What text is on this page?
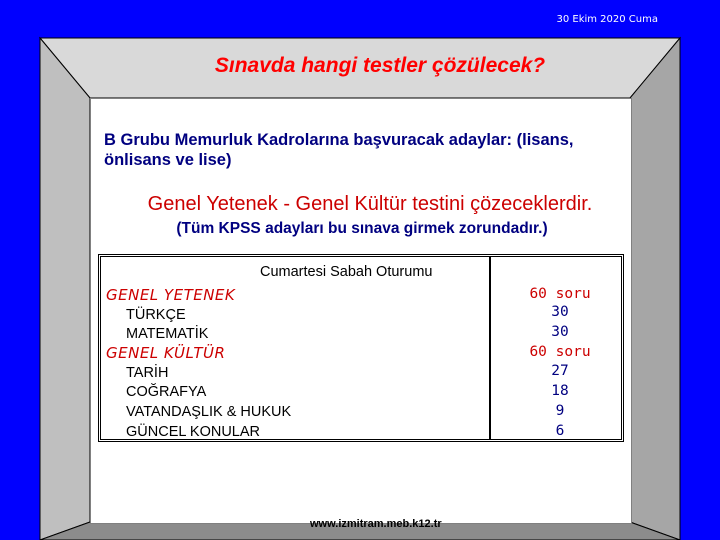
30 Ekim 2020 Cuma
Sınavda hangi testler çözülecek?
B Grubu Memurluk Kadrolarına başvuracak adaylar: (lisans, önlisans ve lise)
Genel Yetenek - Genel Kültür testini çözeceklerdir.
(Tüm KPSS adayları bu sınava girmek zorundadır.)
Cumartesi Sabah Oturumu
GENEL YETENEK	60 soru
TÜRKÇE	30
MATEMATİK	30
GENEL KÜLTÜR	60 soru
TARİH	27
COĞRAFYA	18
VATANDAŞLIK & HUKUK	9
GÜNCEL KONULAR	6
www.izmitram.meb.k12.tr
